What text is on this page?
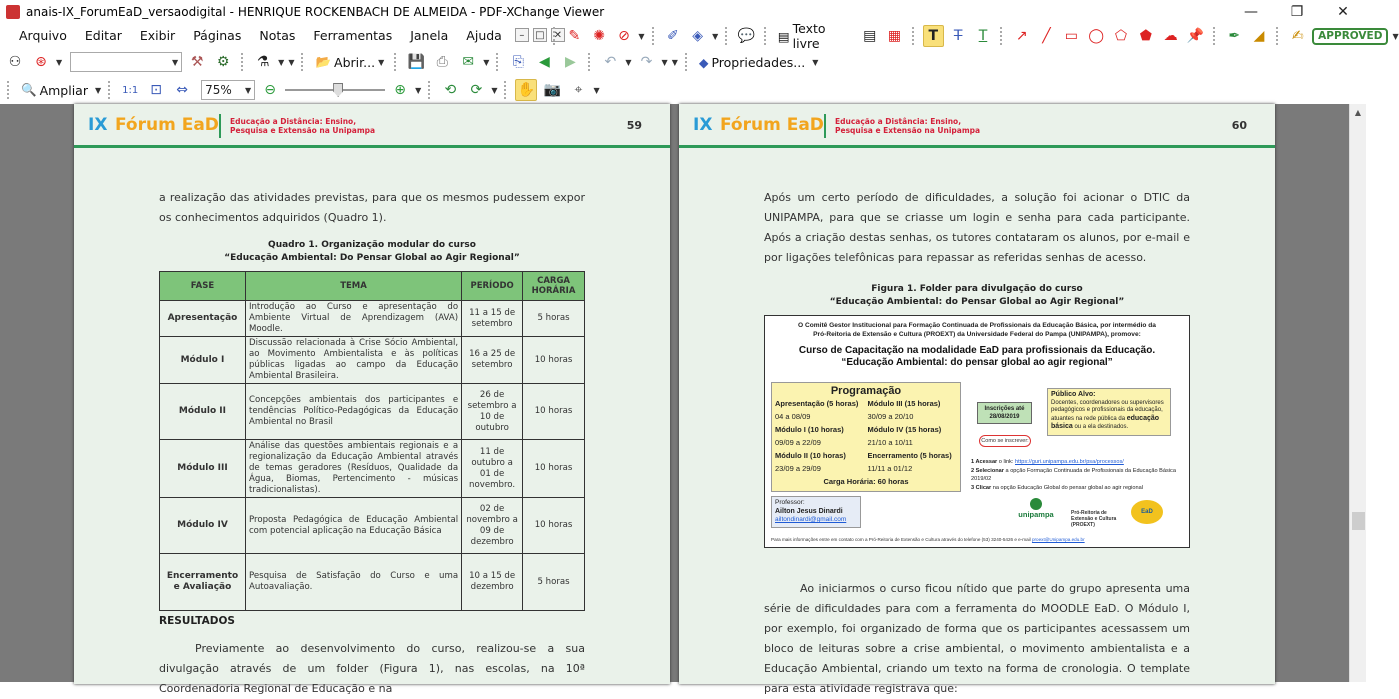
anais-IX_ForumEaD_versaodigital - HENRIQUE ROCKENBACH DE ALMEIDA - PDF-XChange Viewer	—	❐	✕
Arquivo	Editar	Exibir	Páginas	Notas	Ferramentas	Janela	Ajuda	–	□ ✕ ✎ ✺ ⊘	▼	✐ ◈	▼ 💬 ▤ Texto livre	▤ ▦	T	T	T	↗	╱	▭ ◯ ⬠ ⬟ ☁ 📌	✒ ◢	✍	APPROVED	▼
⚇ ⊛	▼	▼ ⚒ ⚙	⚗	▼ ▼ 📂 Abrir... ▼ 💾 ⎙	✉	▼	⎘	◀	▶	↶	▼ ↷	▼ ▼ ◆ Propriedades... ▼
🔍 Ampliar ▼ 1:1 ⊡	⇔	75% ▼ ⊖	⊕	▼	⟲	⟳	▼ ✋ 📷 ⌖	▼
IX Fórum EaD Educação a Distância: Ensino,
Pesquisa e Extensão na Unipampa	59
a realização das atividades previstas, para que os mesmos pudessem expor os conhecimentos adquiridos (Quadro 1).
Quadro 1. Organização modular do curso
“Educação Ambiental: Do Pensar Global ao Agir Regional”
FASE	TEMA	PERÍODO	CARGA HORÁRIA
Apresentação	Introdução ao Curso e apresentação do Ambiente Virtual de Aprendizagem (AVA) Moodle.	11 a 15 de setembro	5 horas
Módulo I	Discussão relacionada à Crise Sócio Ambiental, ao Movimento Ambientalista e às políticas públicas ligadas ao campo da Educação Ambiental Brasileira.	16 a 25 de setembro	10 horas
Módulo II	Concepções ambientais dos participantes e tendências Político-Pedagógicas da Educação Ambiental no Brasil	26 de setembro a 10 de outubro	10 horas
Módulo III	Análise das questões ambientais regionais e a regionalização da Educação Ambiental através de temas geradores (Resíduos, Qualidade da Água, Biomas, Pertencimento - músicas tradicionalistas).	11 de outubro a 01 de novembro.	10 horas
Módulo IV	Proposta Pedagógica de Educação Ambiental com potencial aplicação na Educação Básica	02 de novembro a 09 de dezembro	10 horas
Encerramento e Avaliação	Pesquisa de Satisfação do Curso e uma Autoavaliação.	10 a 15 de dezembro	5 horas
RESULTADOS
Previamente ao desenvolvimento do curso, realizou-se a sua divulgação através de um folder (Figura 1), nas escolas, na 10ª Coordenadoria Regional de Educação e na
IX Fórum EaD Educação a Distância: Ensino,
Pesquisa e Extensão na Unipampa	60
Após um certo período de dificuldades, a solução foi acionar o DTIC da UNIPAMPA, para que se criasse um login e senha para cada participante. Após a criação destas senhas, os tutores contataram os alunos, por e-mail e por ligações telefônicas para repassar as referidas senhas de acesso.
Figura 1. Folder para divulgação do curso
“Educação Ambiental: do Pensar Global ao Agir Regional”
O Comitê Gestor Institucional para Formação Continuada de Profissionais da Educação Básica, por intermédio da
Pró-Reitoria de Extensão e Cultura (PROEXT) da Universidade Federal do Pampa (UNIPAMPA), promove:
Curso de Capacitação na modalidade EaD para profissionais da Educação.
“Educação Ambiental: do pensar global ao agir regional”
Programação
Apresentação (5 horas)	Módulo III (15 horas)
04 a 08/09	30/09 a 20/10
Módulo I (10 horas)	Módulo IV (15 horas)
09/09 a 22/09	21/10 a 10/11
Módulo II (10 horas)	Encerramento (5 horas)
23/09 a 29/09	11/11 a 01/12
Carga Horária: 60 horas
Inscrições até 28/08/2019
Como se inscrever:
Público Alvo:
Docentes, coordenadores ou supervisores pedagógicos e profissionais da educação, atuantes na rede pública da educação básica ou a ela destinados.
1 Acessar o link: https://guri.unipampa.edu.br/psa/processos/
2 Selecionar a opção Formação Continuada de Profissionais da Educação Básica 2019/02
3 Clicar na opção Educação Global do pensar global ao agir regional
Professor:
Ailton Jesus Dinardi
ailtondinardi@gmail.com
unipampa	Pró-Reitoria de Extensão e Cultura (PROEXT)
EaD
Para mais informações entre em contato com a Pró-Reitoria de Extensão e Cultura através do telefone (53) 3240-5426 e e-mail proext@Unipampa.edu.br
Ao iniciarmos o curso ficou nítido que parte do grupo apresenta uma série de dificuldades para com a ferramenta do MOODLE EaD. O Módulo I, por exemplo, foi organizado de forma que os participantes acessassem um bloco de leituras sobre a crise ambiental, o movimento ambientalista e a Educação Ambiental, criando um texto na forma de cronologia. O template para esta atividade registrava que:
▲
